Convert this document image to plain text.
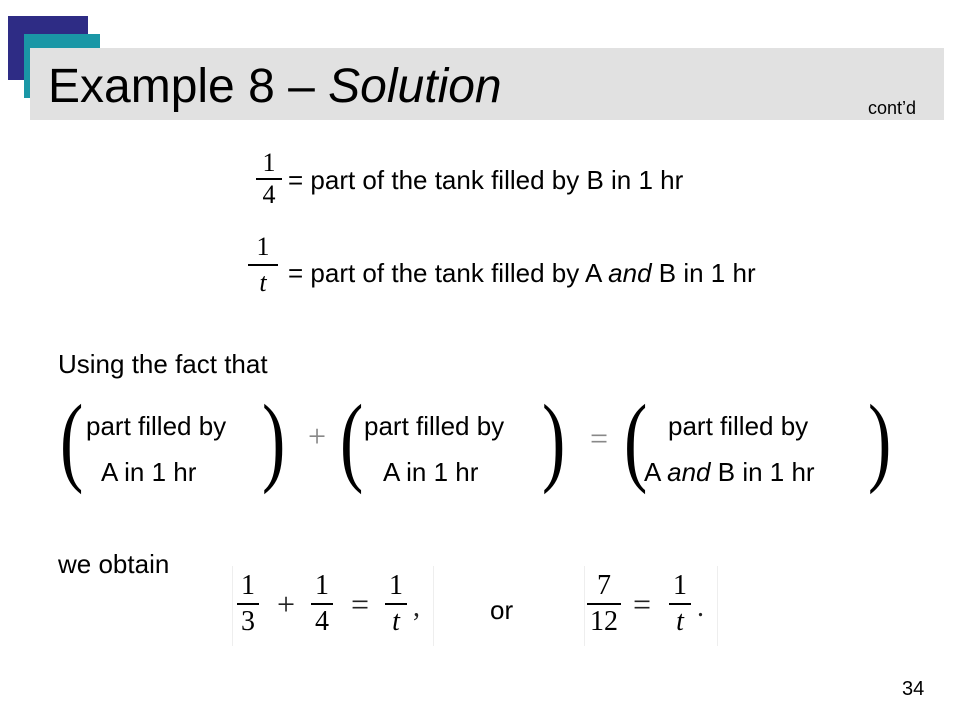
Example 8 – Solution	cont’d
1
4 = part of the tank filled by B in 1 hr
1
t = part of the tank filled by A and B in 1 hr
Using the fact that
( part filled by
A in 1 hr ) + ( part filled by
A in 1 hr ) = ( part filled by
A and B in 1 hr )
we obtain
1
3 +
1
4 =
1
t ,	or
7
12 =
1
t .
34
